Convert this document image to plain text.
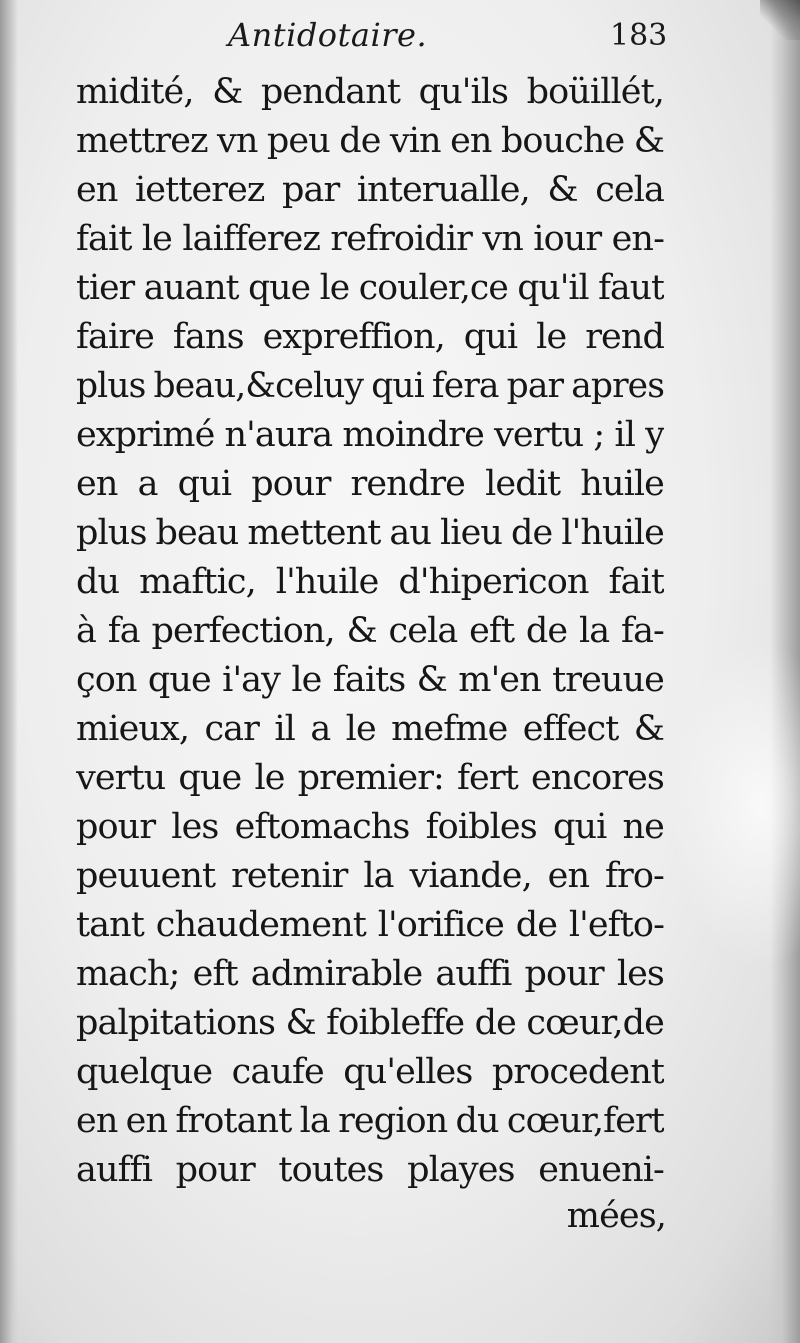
Antidotaire.	183
midité, & pendant qu'ils boüillét,
mettrez vn peu de vin en bouche &
en ietterez par interualle, & cela
fait le laifferez refroidir vn iour en-
tier auant que le couler,ce qu'il faut
faire fans expreffion, qui le rend
plus beau,&celuy qui fera par apres
exprimé n'aura moindre vertu ; il y
en a qui pour rendre ledit huile
plus beau mettent au lieu de l'huile
du maftic, l'huile d'hipericon fait
à fa perfection, & cela eft de la fa-
çon que i'ay le faits & m'en treuue
mieux, car il a le mefme effect &
vertu que le premier: fert encores
pour les eftomachs foibles qui ne
peuuent retenir la viande, en fro-
tant chaudement l'orifice de l'efto-
mach; eft admirable auffi pour les
palpitations & foibleffe de cœur,de
quelque caufe qu'elles procedent
en en frotant la region du cœur,fert
auffi pour toutes playes enueni-
mées,
